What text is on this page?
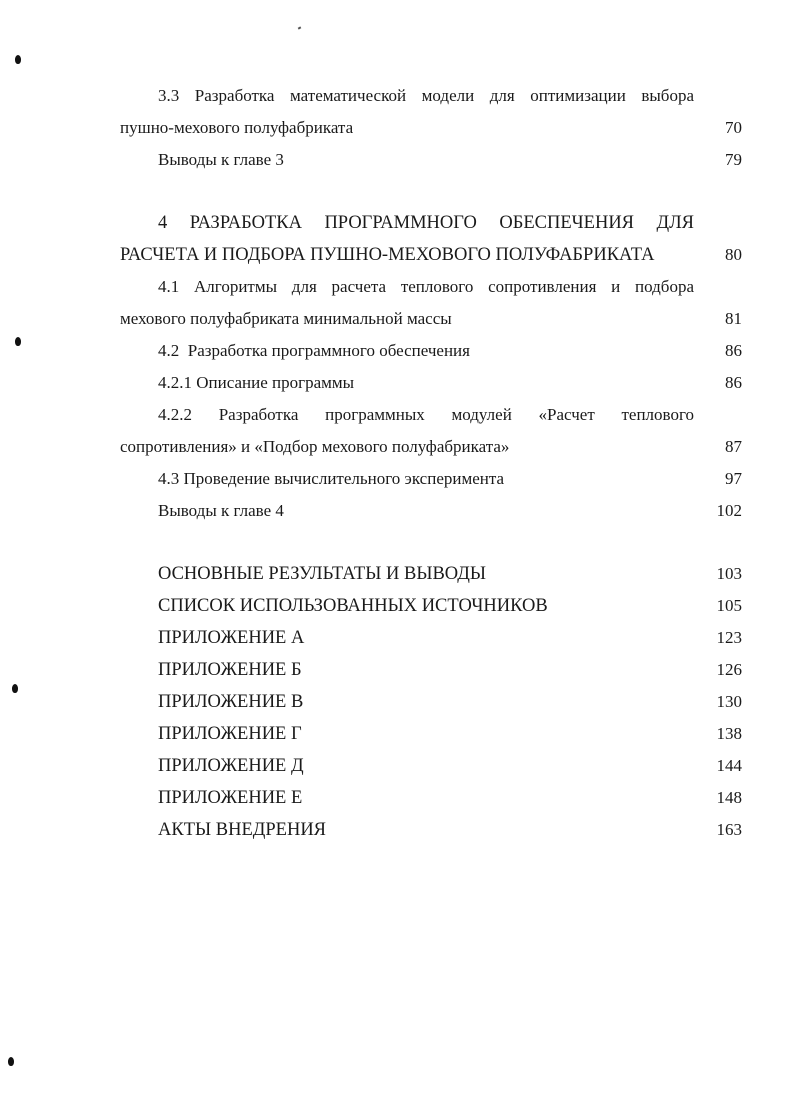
3.3 Разработка математической модели для оптимизации выбора
пушно-мехового полуфабриката	70
Выводы к главе 3	79
4 РАЗРАБОТКА ПРОГРАММНОГО ОБЕСПЕЧЕНИЯ ДЛЯ
РАСЧЕТА И ПОДБОРА ПУШНО-МЕХОВОГО ПОЛУФАБРИКАТА	80
4.1 Алгоритмы для расчета теплового сопротивления и подбора
мехового полуфабриката минимальной массы	81
4.2  Разработка программного обеспечения	86
4.2.1 Описание программы	86
4.2.2 Разработка программных модулей «Расчет теплового
сопротивления» и «Подбор мехового полуфабриката»	87
4.3 Проведение вычислительного эксперимента	97
Выводы к главе 4	102
ОСНОВНЫЕ РЕЗУЛЬТАТЫ И ВЫВОДЫ	103
СПИСОК ИСПОЛЬЗОВАННЫХ ИСТОЧНИКОВ	105
ПРИЛОЖЕНИЕ А	123
ПРИЛОЖЕНИЕ Б	126
ПРИЛОЖЕНИЕ В	130
ПРИЛОЖЕНИЕ Г	138
ПРИЛОЖЕНИЕ Д	144
ПРИЛОЖЕНИЕ Е	148
АКТЫ ВНЕДРЕНИЯ	163
